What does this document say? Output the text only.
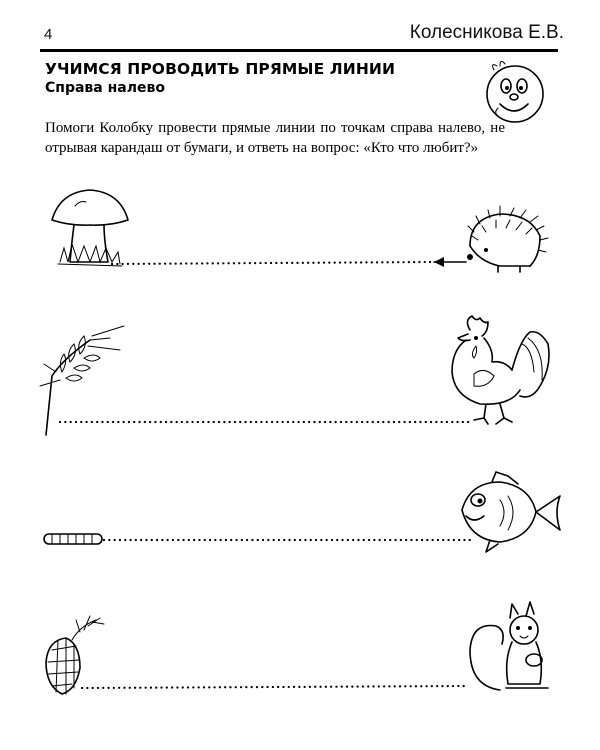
4	Колесникова Е.В.
УЧИМСЯ ПРОВОДИТЬ ПРЯМЫЕ ЛИНИИ
Справа налево
Помоги Колобку провести прямые линии по точкам справа налево, не отрывая карандаш от бумаги, и ответь на вопрос: «Кто что любит?»
